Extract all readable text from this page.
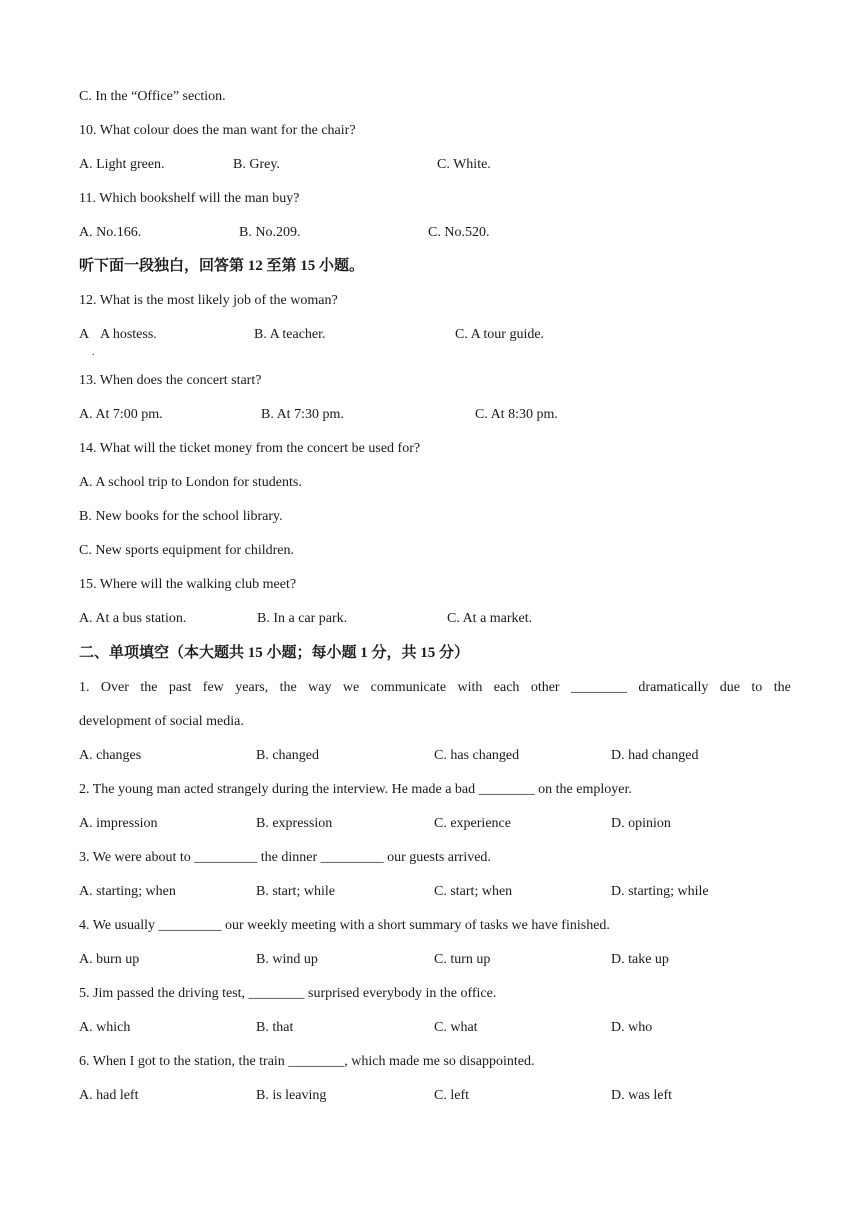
C. In the “Office” section.
10. What colour does the man want for the chair?
A. Light green.	B. Grey.	C. White.
11. Which bookshelf will the man buy?
A. No.166.	B. No.209.	C. No.520.
听下面一段独白，回答第 12 至第 15 小题。
12. What is the most likely job of the woman?
A
.
A hostess.	B. A teacher.	C. A tour guide.
13. When does the concert start?
A. At 7:00 pm.	B. At 7:30 pm.	C. At 8:30 pm.
14. What will the ticket money from the concert be used for?
A. A school trip to London for students.
B. New books for the school library.
C. New sports equipment for children.
15. Where will the walking club meet?
A. At a bus station.	B. In a car park.	C. At a market.
二、单项填空（本大题共 15 小题；每小题 1 分，共 15 分）
1. Over the past few years, the way we communicate with each other ________ dramatically due to the
development of social media.
A. changes	B. changed	C. has changed	D. had changed
2. The young man acted strangely during the interview. He made a bad ________ on the employer.
A. impression	B. expression	C. experience	D. opinion
3. We were about to _________ the dinner _________ our guests arrived.
A. starting; when	B. start; while	C. start; when	D. starting; while
4. We usually _________ our weekly meeting with a short summary of tasks we have finished.
A. burn up	B. wind up	C. turn up	D. take up
5. Jim passed the driving test, ________ surprised everybody in the office.
A. which	B. that	C. what	D. who
6. When I got to the station, the train ________, which made me so disappointed.
A. had left	B. is leaving	C. left	D. was left
